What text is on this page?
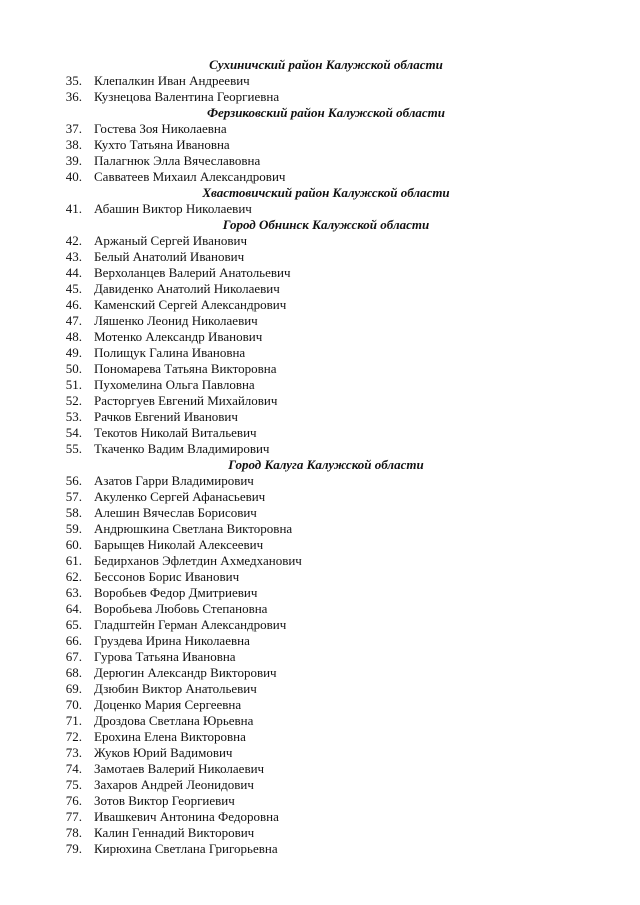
Сухиничский район Калужской области
35. Клепалкин Иван Андреевич
36. Кузнецова Валентина Георгиевна
Ферзиковский район Калужской области
37. Гостева Зоя Николаевна
38. Кухто Татьяна Ивановна
39. Палагнюк Элла Вячеславовна
40. Савватеев Михаил Александрович
Хвастовичский район Калужской области
41. Абашин Виктор Николаевич
Город Обнинск Калужской области
42. Аржаный Сергей Иванович
43. Белый Анатолий Иванович
44. Верхоланцев Валерий Анатольевич
45. Давиденко Анатолий Николаевич
46. Каменский Сергей Александрович
47. Ляшенко Леонид Николаевич
48. Мотенко Александр Иванович
49. Полищук Галина Ивановна
50. Пономарева Татьяна Викторовна
51. Пухомелина Ольга Павловна
52. Расторгуев Евгений Михайлович
53. Рачков Евгений Иванович
54. Текотов Николай Витальевич
55. Ткаченко Вадим Владимирович
Город Калуга Калужской области
56. Азатов Гарри Владимирович
57. Акуленко Сергей Афанасьевич
58. Алешин Вячеслав Борисович
59. Андрюшкина Светлана Викторовна
60. Барыщев Николай Алексеевич
61. Бедирханов Эфлетдин Ахмедханович
62. Бессонов Борис Иванович
63. Воробьев Федор Дмитриевич
64. Воробьева Любовь Степановна
65. Гладштейн Герман Александрович
66. Груздева Ирина Николаевна
67. Гурова Татьяна Ивановна
68. Дерюгин Александр Викторович
69. Дзюбин Виктор Анатольевич
70. Доценко Мария Сергеевна
71. Дроздова Светлана Юрьевна
72. Ерохина Елена Викторовна
73. Жуков Юрий Вадимович
74. Замотаев Валерий Николаевич
75. Захаров Андрей Леонидович
76. Зотов Виктор Георгиевич
77. Ивашкевич Антонина Федоровна
78. Калин Геннадий Викторович
79. Кирюхина Светлана Григорьевна
